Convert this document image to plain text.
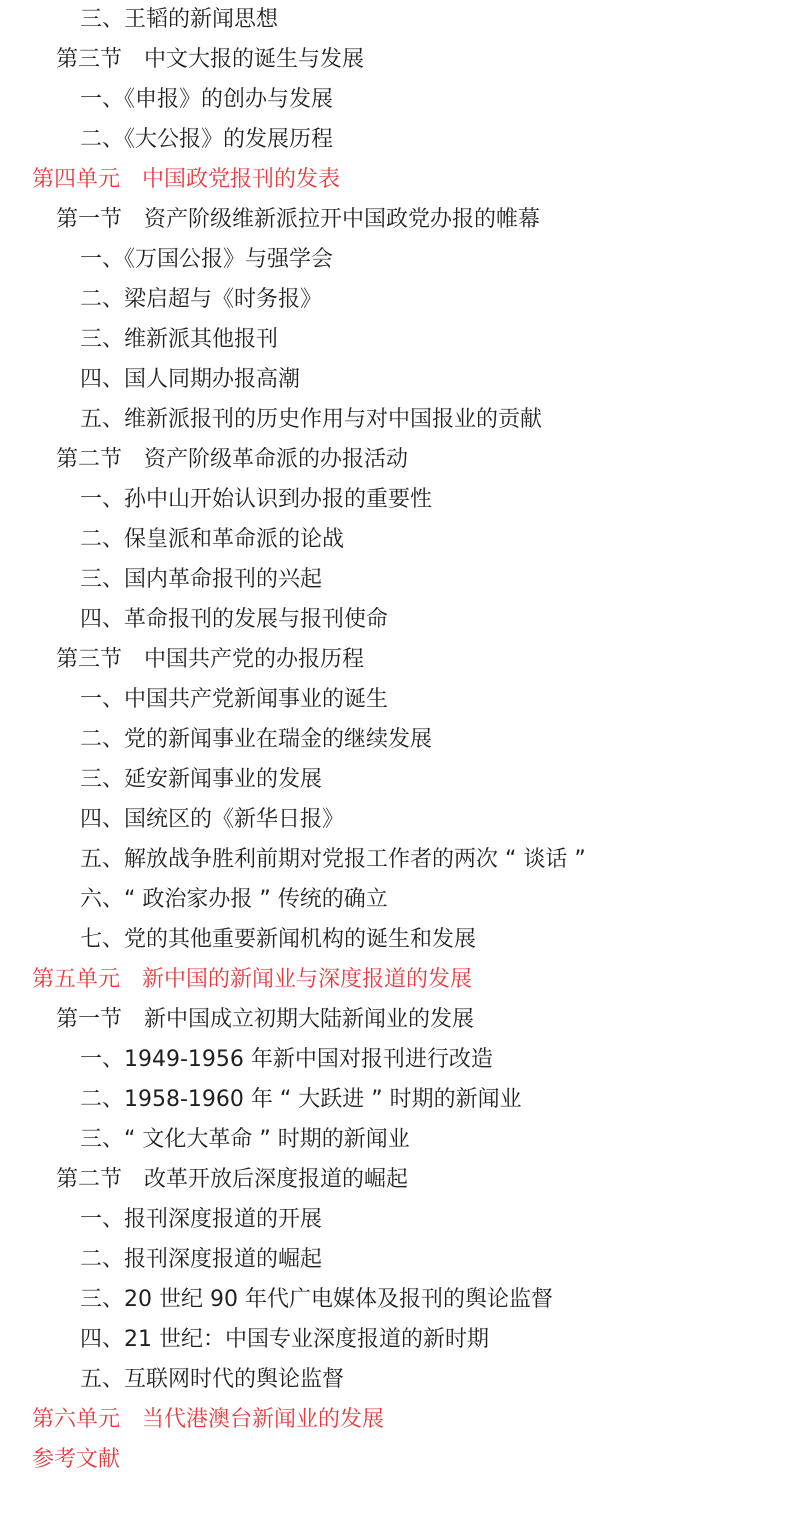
三、王韬的新闻思想
第三节　中文大报的诞生与发展
一、《申报》的创办与发展
二、《大公报》的发展历程
第四单元　中国政党报刊的发表
第一节　资产阶级维新派拉开中国政党办报的帷幕
一、《万国公报》与强学会
二、梁启超与《时务报》
三、维新派其他报刊
四、国人同期办报高潮
五、维新派报刊的历史作用与对中国报业的贡献
第二节　资产阶级革命派的办报活动
一、孙中山开始认识到办报的重要性
二、保皇派和革命派的论战
三、国内革命报刊的兴起
四、革命报刊的发展与报刊使命
第三节　中国共产党的办报历程
一、中国共产党新闻事业的诞生
二、党的新闻事业在瑞金的继续发展
三、延安新闻事业的发展
四、国统区的《新华日报》
五、解放战争胜利前期对党报工作者的两次 “ 谈话 ”
六、“ 政治家办报 ” 传统的确立
七、党的其他重要新闻机构的诞生和发展
第五单元　新中国的新闻业与深度报道的发展
第一节　新中国成立初期大陆新闻业的发展
一、1949-1956 年新中国对报刊进行改造
二、1958-1960 年 “ 大跃进 ” 时期的新闻业
三、“ 文化大革命 ” 时期的新闻业
第二节　改革开放后深度报道的崛起
一、报刊深度报道的开展
二、报刊深度报道的崛起
三、20 世纪 90 年代广电媒体及报刊的舆论监督
四、21 世纪：中国专业深度报道的新时期
五、互联网时代的舆论监督
第六单元　当代港澳台新闻业的发展
参考文献
